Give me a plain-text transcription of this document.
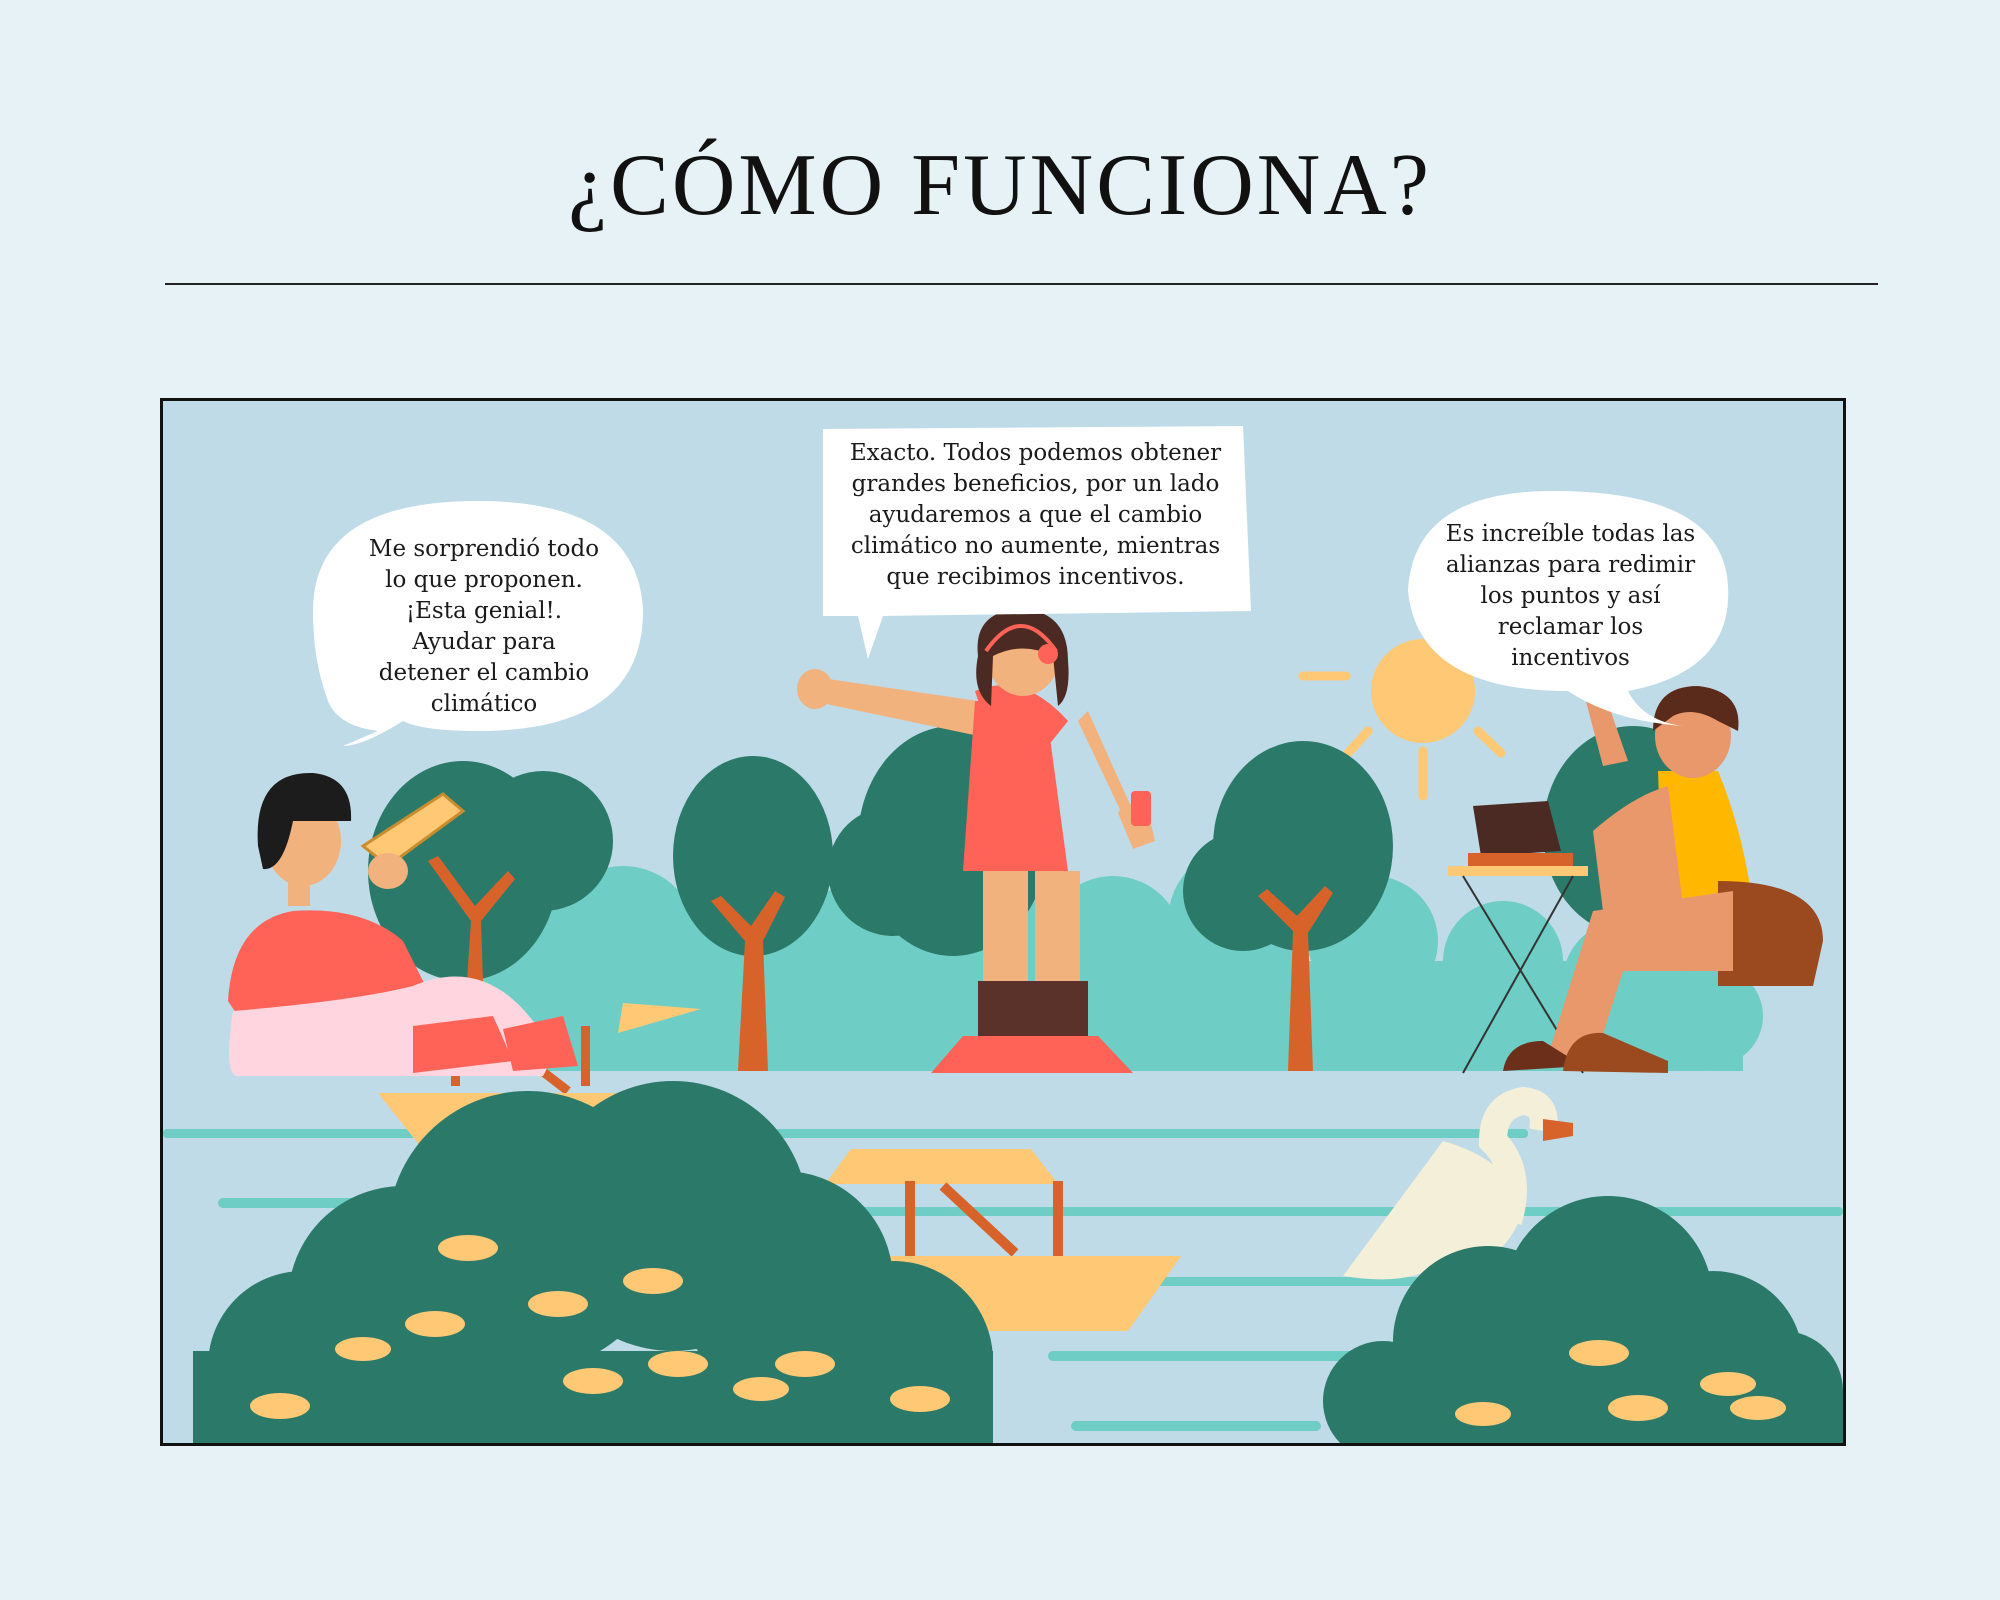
¿CÓMO FUNCIONA?
Me sorprendió todo lo que proponen. ¡Esta genial!. Ayudar para detener el cambio climático
Exacto. Todos podemos obtener grandes beneficios, por un lado ayudaremos a que el cambio climático no aumente, mientras que recibimos incentivos.
Es increíble todas las alianzas para redimir los puntos y así reclamar los incentivos
